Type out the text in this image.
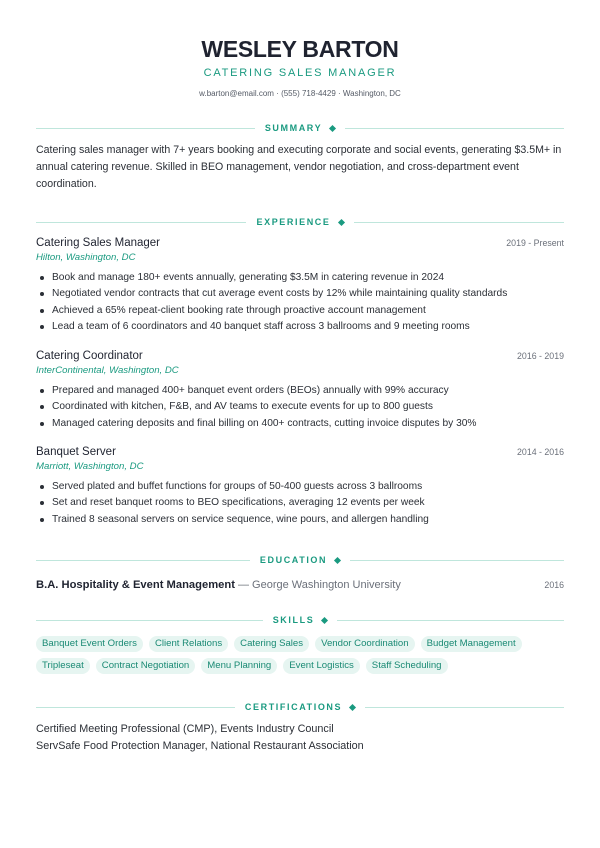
WESLEY BARTON
CATERING SALES MANAGER
w.barton@email.com · (555) 718-4429 · Washington, DC
SUMMARY
Catering sales manager with 7+ years booking and executing corporate and social events, generating $3.5M+ in annual catering revenue. Skilled in BEO management, vendor negotiation, and cross-department event coordination.
EXPERIENCE
Catering Sales Manager	2019 - Present
Hilton, Washington, DC
Book and manage 180+ events annually, generating $3.5M in catering revenue in 2024
Negotiated vendor contracts that cut average event costs by 12% while maintaining quality standards
Achieved a 65% repeat-client booking rate through proactive account management
Lead a team of 6 coordinators and 40 banquet staff across 3 ballrooms and 9 meeting rooms
Catering Coordinator	2016 - 2019
InterContinental, Washington, DC
Prepared and managed 400+ banquet event orders (BEOs) annually with 99% accuracy
Coordinated with kitchen, F&B, and AV teams to execute events for up to 800 guests
Managed catering deposits and final billing on 400+ contracts, cutting invoice disputes by 30%
Banquet Server	2014 - 2016
Marriott, Washington, DC
Served plated and buffet functions for groups of 50-400 guests across 3 ballrooms
Set and reset banquet rooms to BEO specifications, averaging 12 events per week
Trained 8 seasonal servers on service sequence, wine pours, and allergen handling
EDUCATION
B.A. Hospitality & Event Management — George Washington University	2016
SKILLS
Banquet Event Orders	Client Relations	Catering Sales	Vendor Coordination	Budget Management
Tripleseat	Contract Negotiation	Menu Planning	Event Logistics	Staff Scheduling
CERTIFICATIONS
Certified Meeting Professional (CMP), Events Industry Council
ServSafe Food Protection Manager, National Restaurant Association
